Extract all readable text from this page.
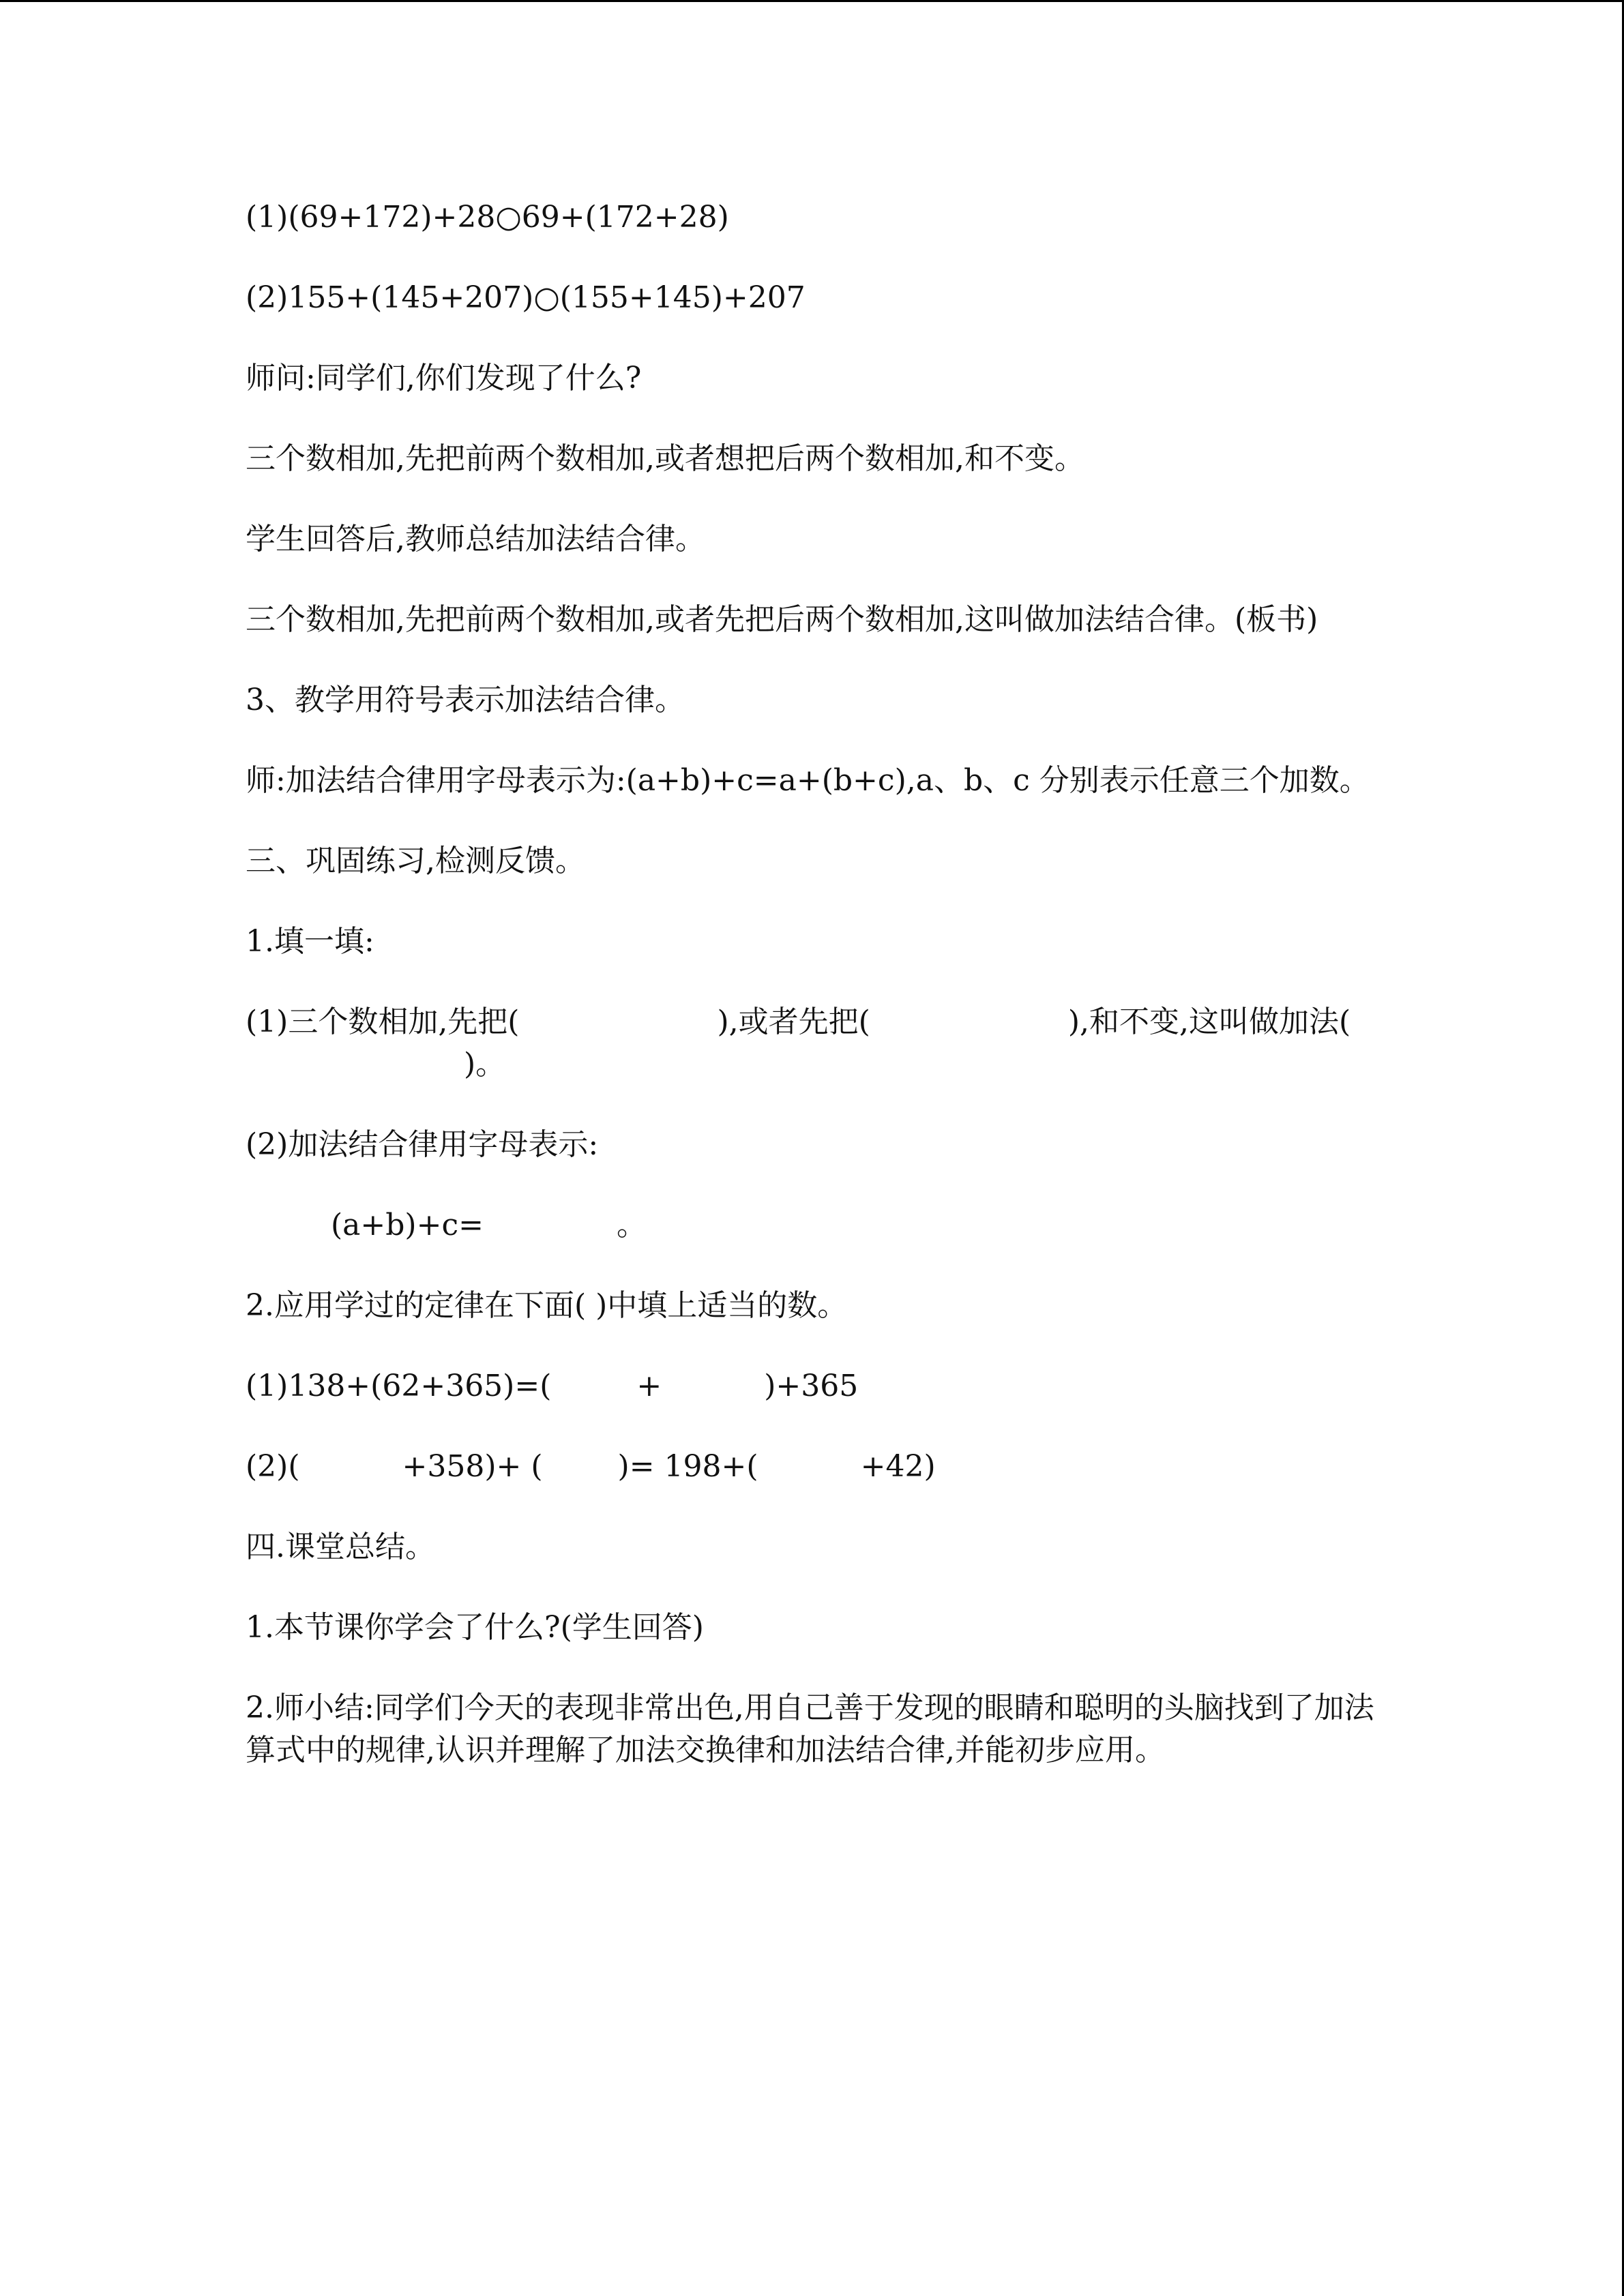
(1)(69+172)+28○69+(172+28)

(2)155+(145+207)○(155+145)+207

师问:同学们,你们发现了什么?

三个数相加,先把前两个数相加,或者想把后两个数相加,和不变。

学生回答后,教师总结加法结合律。

三个数相加,先把前两个数相加,或者先把后两个数相加,这叫做加法结合律。(板书)

3、教学用符号表示加法结合律。

师:加法结合律用字母表示为:(a+b)+c=a+(b+c),a、b、c 分别表示任意三个加数。

三、巩固练习,检测反馈。

1.填一填:

(1)三个数相加,先把(	),或者先把(	),和不变,这叫做加法()。

(2)加法结合律用字母表示:

(a+b)+c=	。

2.应用学过的定律在下面( )中填上适当的数。

(1)138+(62+365)=(	+	)+365

(2)(	+358)+ (	)= 198+(	+42)

四.课堂总结。

1.本节课你学会了什么?(学生回答)

2.师小结:同学们今天的表现非常出色,用自己善于发现的眼睛和聪明的头脑找到了加法算式中的规律,认识并理解了加法交换律和加法结合律,并能初步应用。
